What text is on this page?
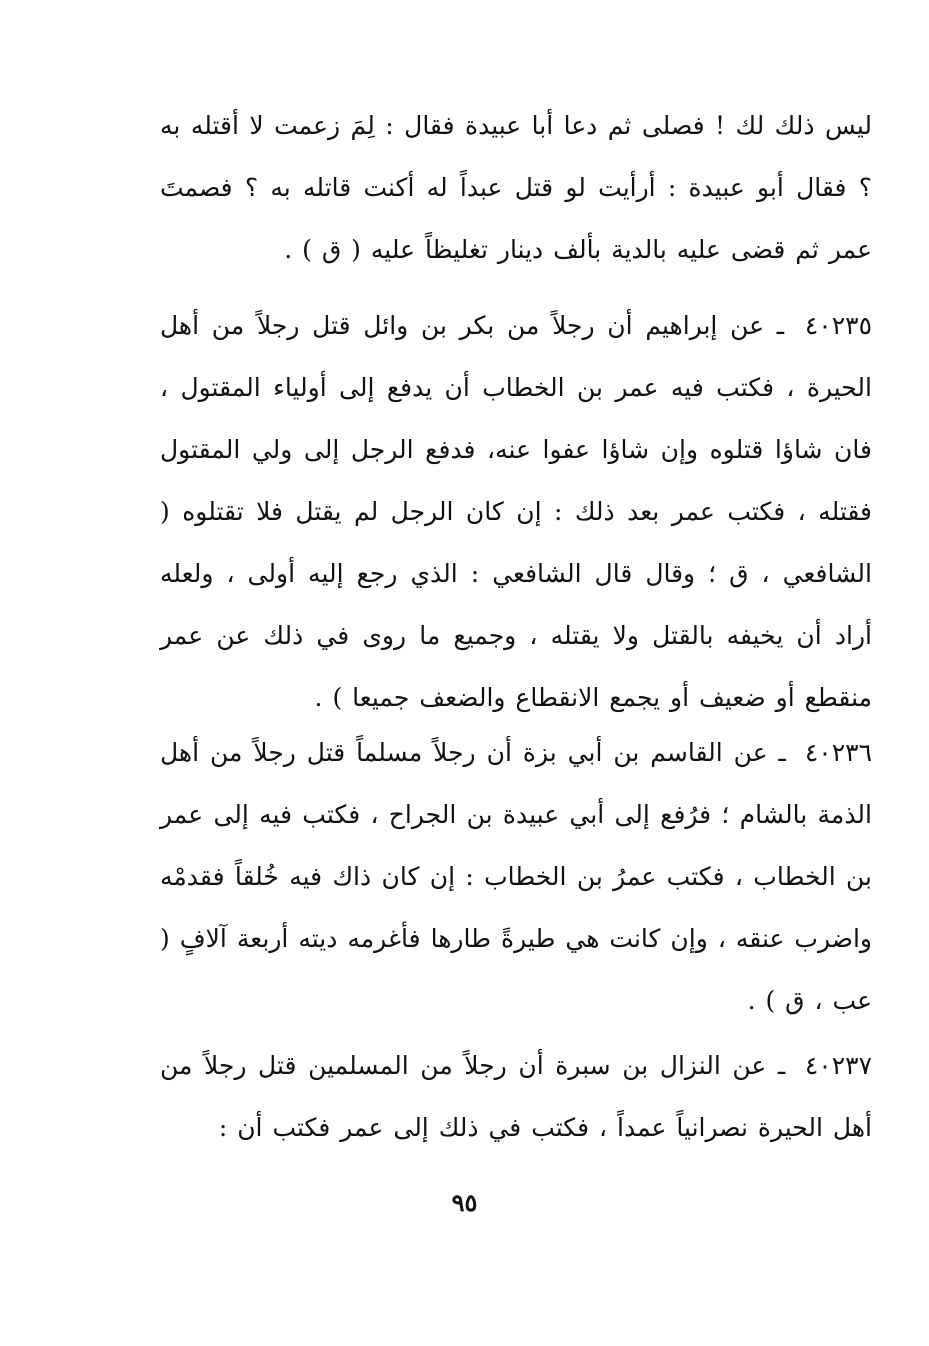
ليس ذلك لك ! فصلى ثم دعا أبا عبيدة فقال : لِمَ زعمت لا أقتله به ؟ فقال أبو عبيدة : أرأيت لو قتل عبداً له أكنت قاتله به ؟ فصمتَ عمر ثم قضى عليه بالدية بألف دينار تغليظاً عليه ( ق ) .

٤٠٢٣٥ ـ عن إبراهيم أن رجلاً من بكر بن وائل قتل رجلاً من أهل الحيرة ، فكتب فيه عمر بن الخطاب أن يدفع إلى أولياء المقتول ، فان شاؤا قتلوه وإن شاؤا عفوا عنه، فدفع الرجل إلى ولي المقتول فقتله ، فكتب عمر بعد ذلك : إن كان الرجل لم يقتل فلا تقتلوه ( الشافعي ، ق ؛ وقال قال الشافعي : الذي رجع إليه أولى ، ولعله أراد أن يخيفه بالقتل ولا يقتله ، وجميع ما روى في ذلك عن عمر منقطع أو ضعيف أو يجمع الانقطاع والضعف جميعا ) .

٤٠٢٣٦ ـ عن القاسم بن أبي بزة أن رجلاً مسلماً قتل رجلاً من أهل الذمة بالشام ؛ فرُفع إلى أبي عبيدة بن الجراح ، فكتب فيه إلى عمر بن الخطاب ، فكتب عمرُ بن الخطاب : إن كان ذاك فيه خُلقاً فقدمْه واضرب عنقه ، وإن كانت هي طيرةً طارها فأغرمه ديته أربعة آلافٍ ( عب ، ق ) .

٤٠٢٣٧ ـ عن النزال بن سبرة أن رجلاً من المسلمين قتل رجلاً من أهل الحيرة نصرانياً عمداً ، فكتب في ذلك إلى عمر فكتب أن :

٩٥
